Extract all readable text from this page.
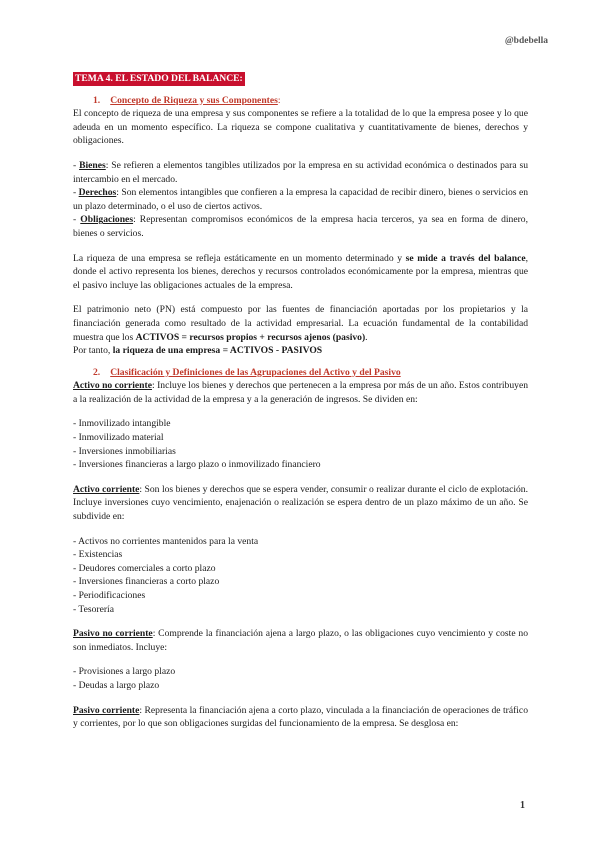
@bdebella

TEMA 4. EL ESTADO DEL BALANCE:

1. Concepto de Riqueza y sus Componentes:

El concepto de riqueza de una empresa y sus componentes se refiere a la totalidad de lo que la empresa posee y lo que adeuda en un momento específico. La riqueza se compone cualitativa y cuantitativamente de bienes, derechos y obligaciones.

- Bienes: Se refieren a elementos tangibles utilizados por la empresa en su actividad económica o destinados para su intercambio en el mercado.

- Derechos: Son elementos intangibles que confieren a la empresa la capacidad de recibir dinero, bienes o servicios en un plazo determinado, o el uso de ciertos activos.

- Obligaciones: Representan compromisos económicos de la empresa hacia terceros, ya sea en forma de dinero, bienes o servicios.

La riqueza de una empresa se refleja estáticamente en un momento determinado y se mide a través del balance, donde el activo representa los bienes, derechos y recursos controlados económicamente por la empresa, mientras que el pasivo incluye las obligaciones actuales de la empresa.

El patrimonio neto (PN) está compuesto por las fuentes de financiación aportadas por los propietarios y la financiación generada como resultado de la actividad empresarial. La ecuación fundamental de la contabilidad muestra que los ACTIVOS = recursos propios + recursos ajenos (pasivo).

Por tanto, la riqueza de una empresa = ACTIVOS - PASIVOS

2. Clasificación y Definiciones de las Agrupaciones del Activo y del Pasivo

Activo no corriente: Incluye los bienes y derechos que pertenecen a la empresa por más de un año. Estos contribuyen a la realización de la actividad de la empresa y a la generación de ingresos. Se dividen en:

- Inmovilizado intangible

- Inmovilizado material

- Inversiones inmobiliarias

- Inversiones financieras a largo plazo o inmovilizado financiero

Activo corriente: Son los bienes y derechos que se espera vender, consumir o realizar durante el ciclo de explotación. Incluye inversiones cuyo vencimiento, enajenación o realización se espera dentro de un plazo máximo de un año. Se subdivide en:

- Activos no corrientes mantenidos para la venta

- Existencias

- Deudores comerciales a corto plazo

- Inversiones financieras a corto plazo

- Periodificaciones

- Tesorería

Pasivo no corriente: Comprende la financiación ajena a largo plazo, o las obligaciones cuyo vencimiento y coste no son inmediatos. Incluye:

- Provisiones a largo plazo

- Deudas a largo plazo

Pasivo corriente: Representa la financiación ajena a corto plazo, vinculada a la financiación de operaciones de tráfico y corrientes, por lo que son obligaciones surgidas del funcionamiento de la empresa. Se desglosa en:

1
